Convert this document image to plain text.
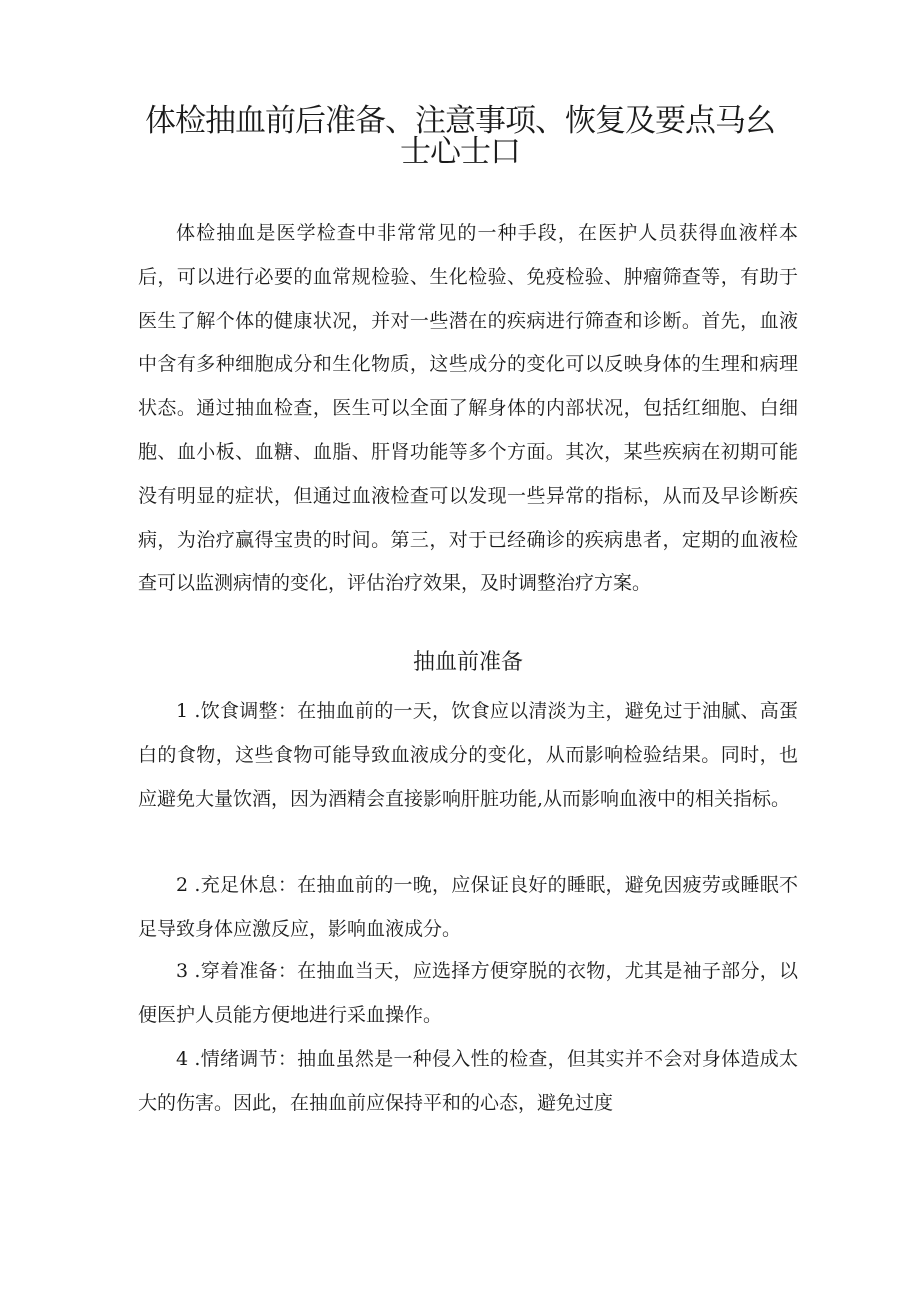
体检抽血前后准备、注意事项、恢复及要点马幺
士心士口

体检抽血是医学检查中非常常见的一种手段，在医护人员获得血液样本后，可以进行必要的血常规检验、生化检验、免疫检验、肿瘤筛查等，有助于医生了解个体的健康状况，并对一些潜在的疾病进行筛查和诊断。首先，血液中含有多种细胞成分和生化物质，这些成分的变化可以反映身体的生理和病理状态。通过抽血检查，医生可以全面了解身体的内部状况，包括红细胞、白细胞、血小板、血糖、血脂、肝肾功能等多个方面。其次，某些疾病在初期可能没有明显的症状，但通过血液检查可以发现一些异常的指标，从而及早诊断疾病，为治疗赢得宝贵的时间。第三，对于已经确诊的疾病患者，定期的血液检查可以监测病情的变化，评估治疗效果，及时调整治疗方案。

抽血前准备

1 .饮食调整：在抽血前的一天，饮食应以清淡为主，避免过于油腻、高蛋白的食物，这些食物可能导致血液成分的变化，从而影响检验结果。同时，也应避免大量饮酒，因为酒精会直接影响肝脏功能,从而影响血液中的相关指标。

2 .充足休息：在抽血前的一晚，应保证良好的睡眠，避免因疲劳或睡眠不足导致身体应激反应，影响血液成分。

3 .穿着准备：在抽血当天，应选择方便穿脱的衣物，尤其是袖子部分，以便医护人员能方便地进行采血操作。

4 .情绪调节：抽血虽然是一种侵入性的检查，但其实并不会对身体造成太大的伤害。因此，在抽血前应保持平和的心态，避免过度
